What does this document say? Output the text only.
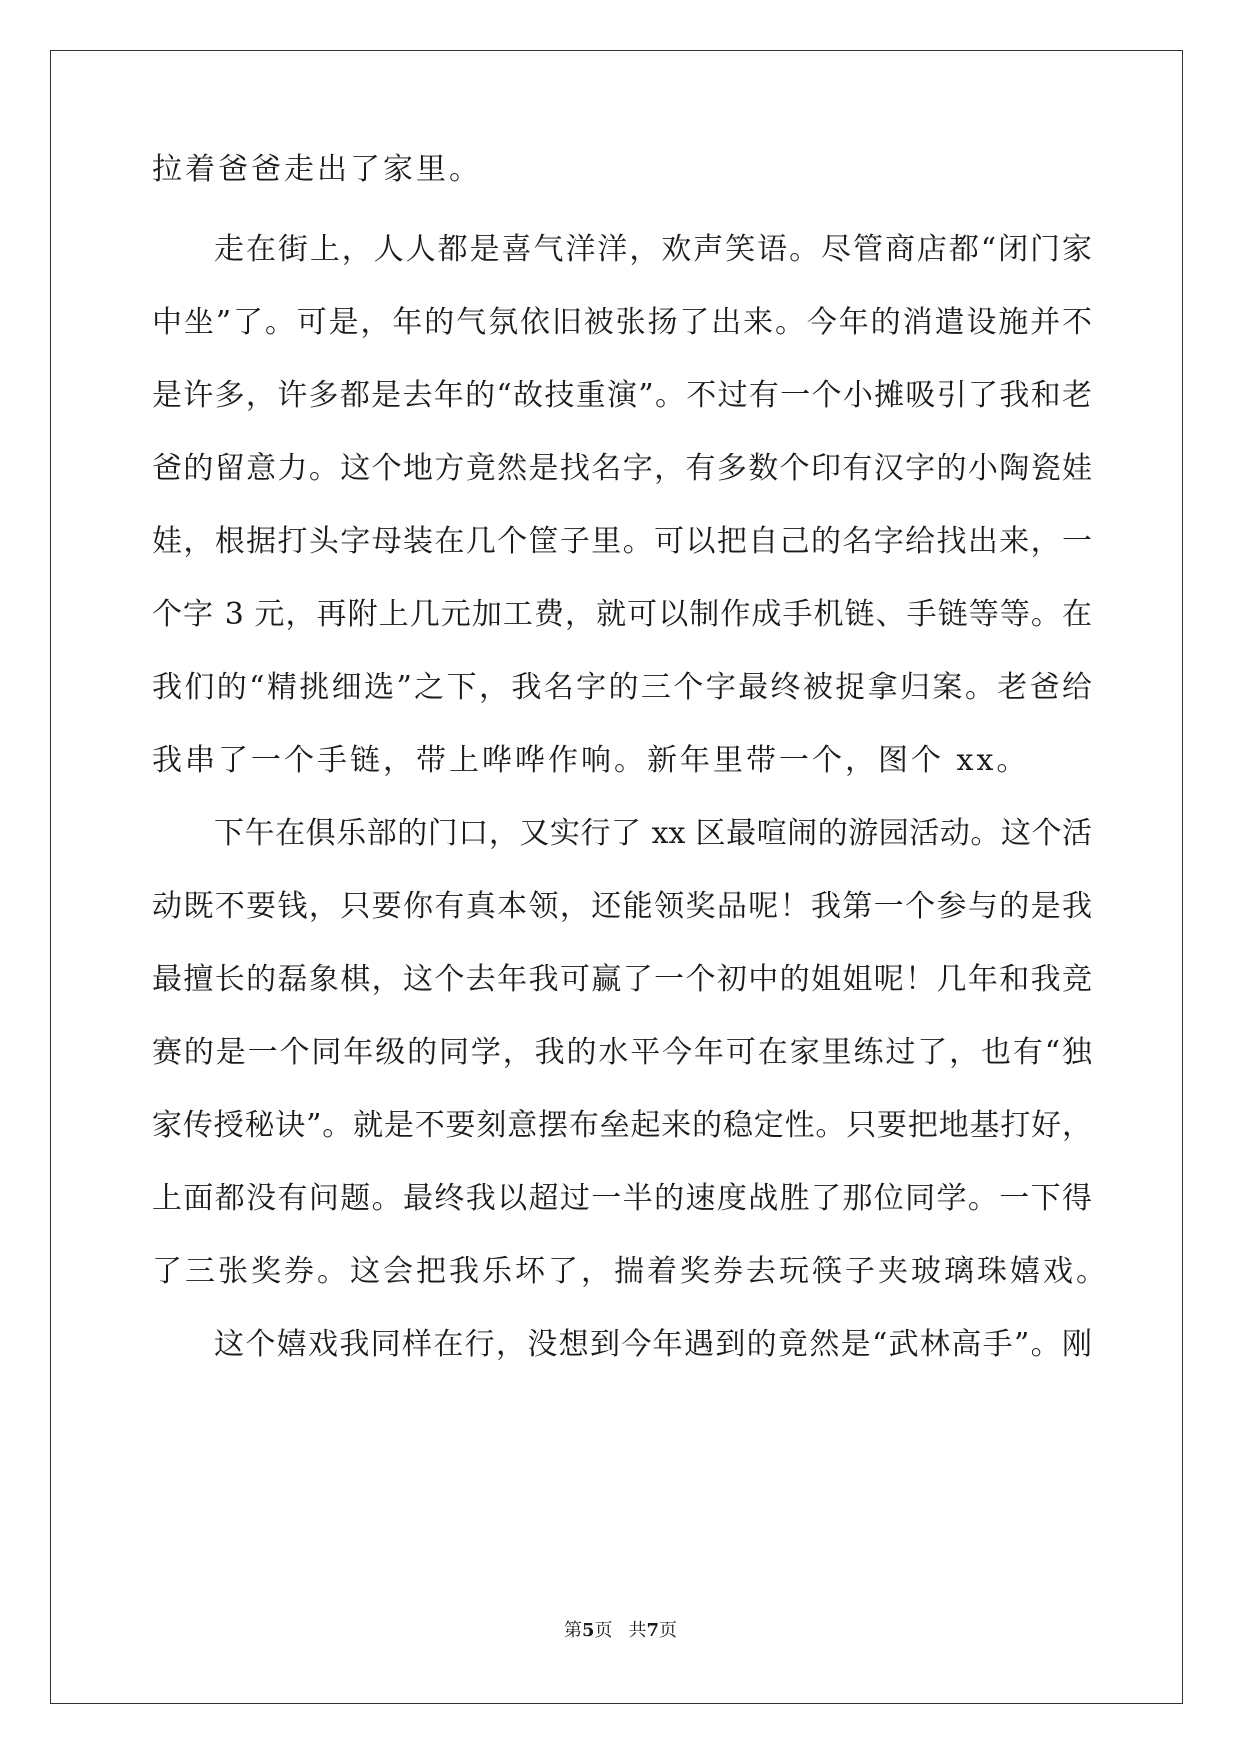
拉着爸爸走出了家里。
走在街上，人人都是喜气洋洋，欢声笑语。尽管商店都“闭门家
中坐”了。可是，年的气氛依旧被张扬了出来。今年的消遣设施并不
是许多，许多都是去年的“故技重演”。不过有一个小摊吸引了我和老
爸的留意力。这个地方竟然是找名字，有多数个印有汉字的小陶瓷娃
娃，根据打头字母装在几个筐子里。可以把自己的名字给找出来，一
个字 3 元，再附上几元加工费，就可以制作成手机链、手链等等。在
我们的“精挑细选”之下，我名字的三个字最终被捉拿归案。老爸给
我串了一个手链，带上哗哗作响。新年里带一个，图个 xx。
下午在俱乐部的门口，又实行了 xx 区最喧闹的游园活动。这个活
动既不要钱，只要你有真本领，还能领奖品呢！我第一个参与的是我
最擅长的磊象棋，这个去年我可赢了一个初中的姐姐呢！几年和我竞
赛的是一个同年级的同学，我的水平今年可在家里练过了，也有“独
家传授秘诀”。就是不要刻意摆布垒起来的稳定性。只要把地基打好，
上面都没有问题。最终我以超过一半的速度战胜了那位同学。一下得
了三张奖券。这会把我乐坏了，揣着奖券去玩筷子夹玻璃珠嬉戏。
这个嬉戏我同样在行，没想到今年遇到的竟然是“武林高手”。刚
第5页 共7页
